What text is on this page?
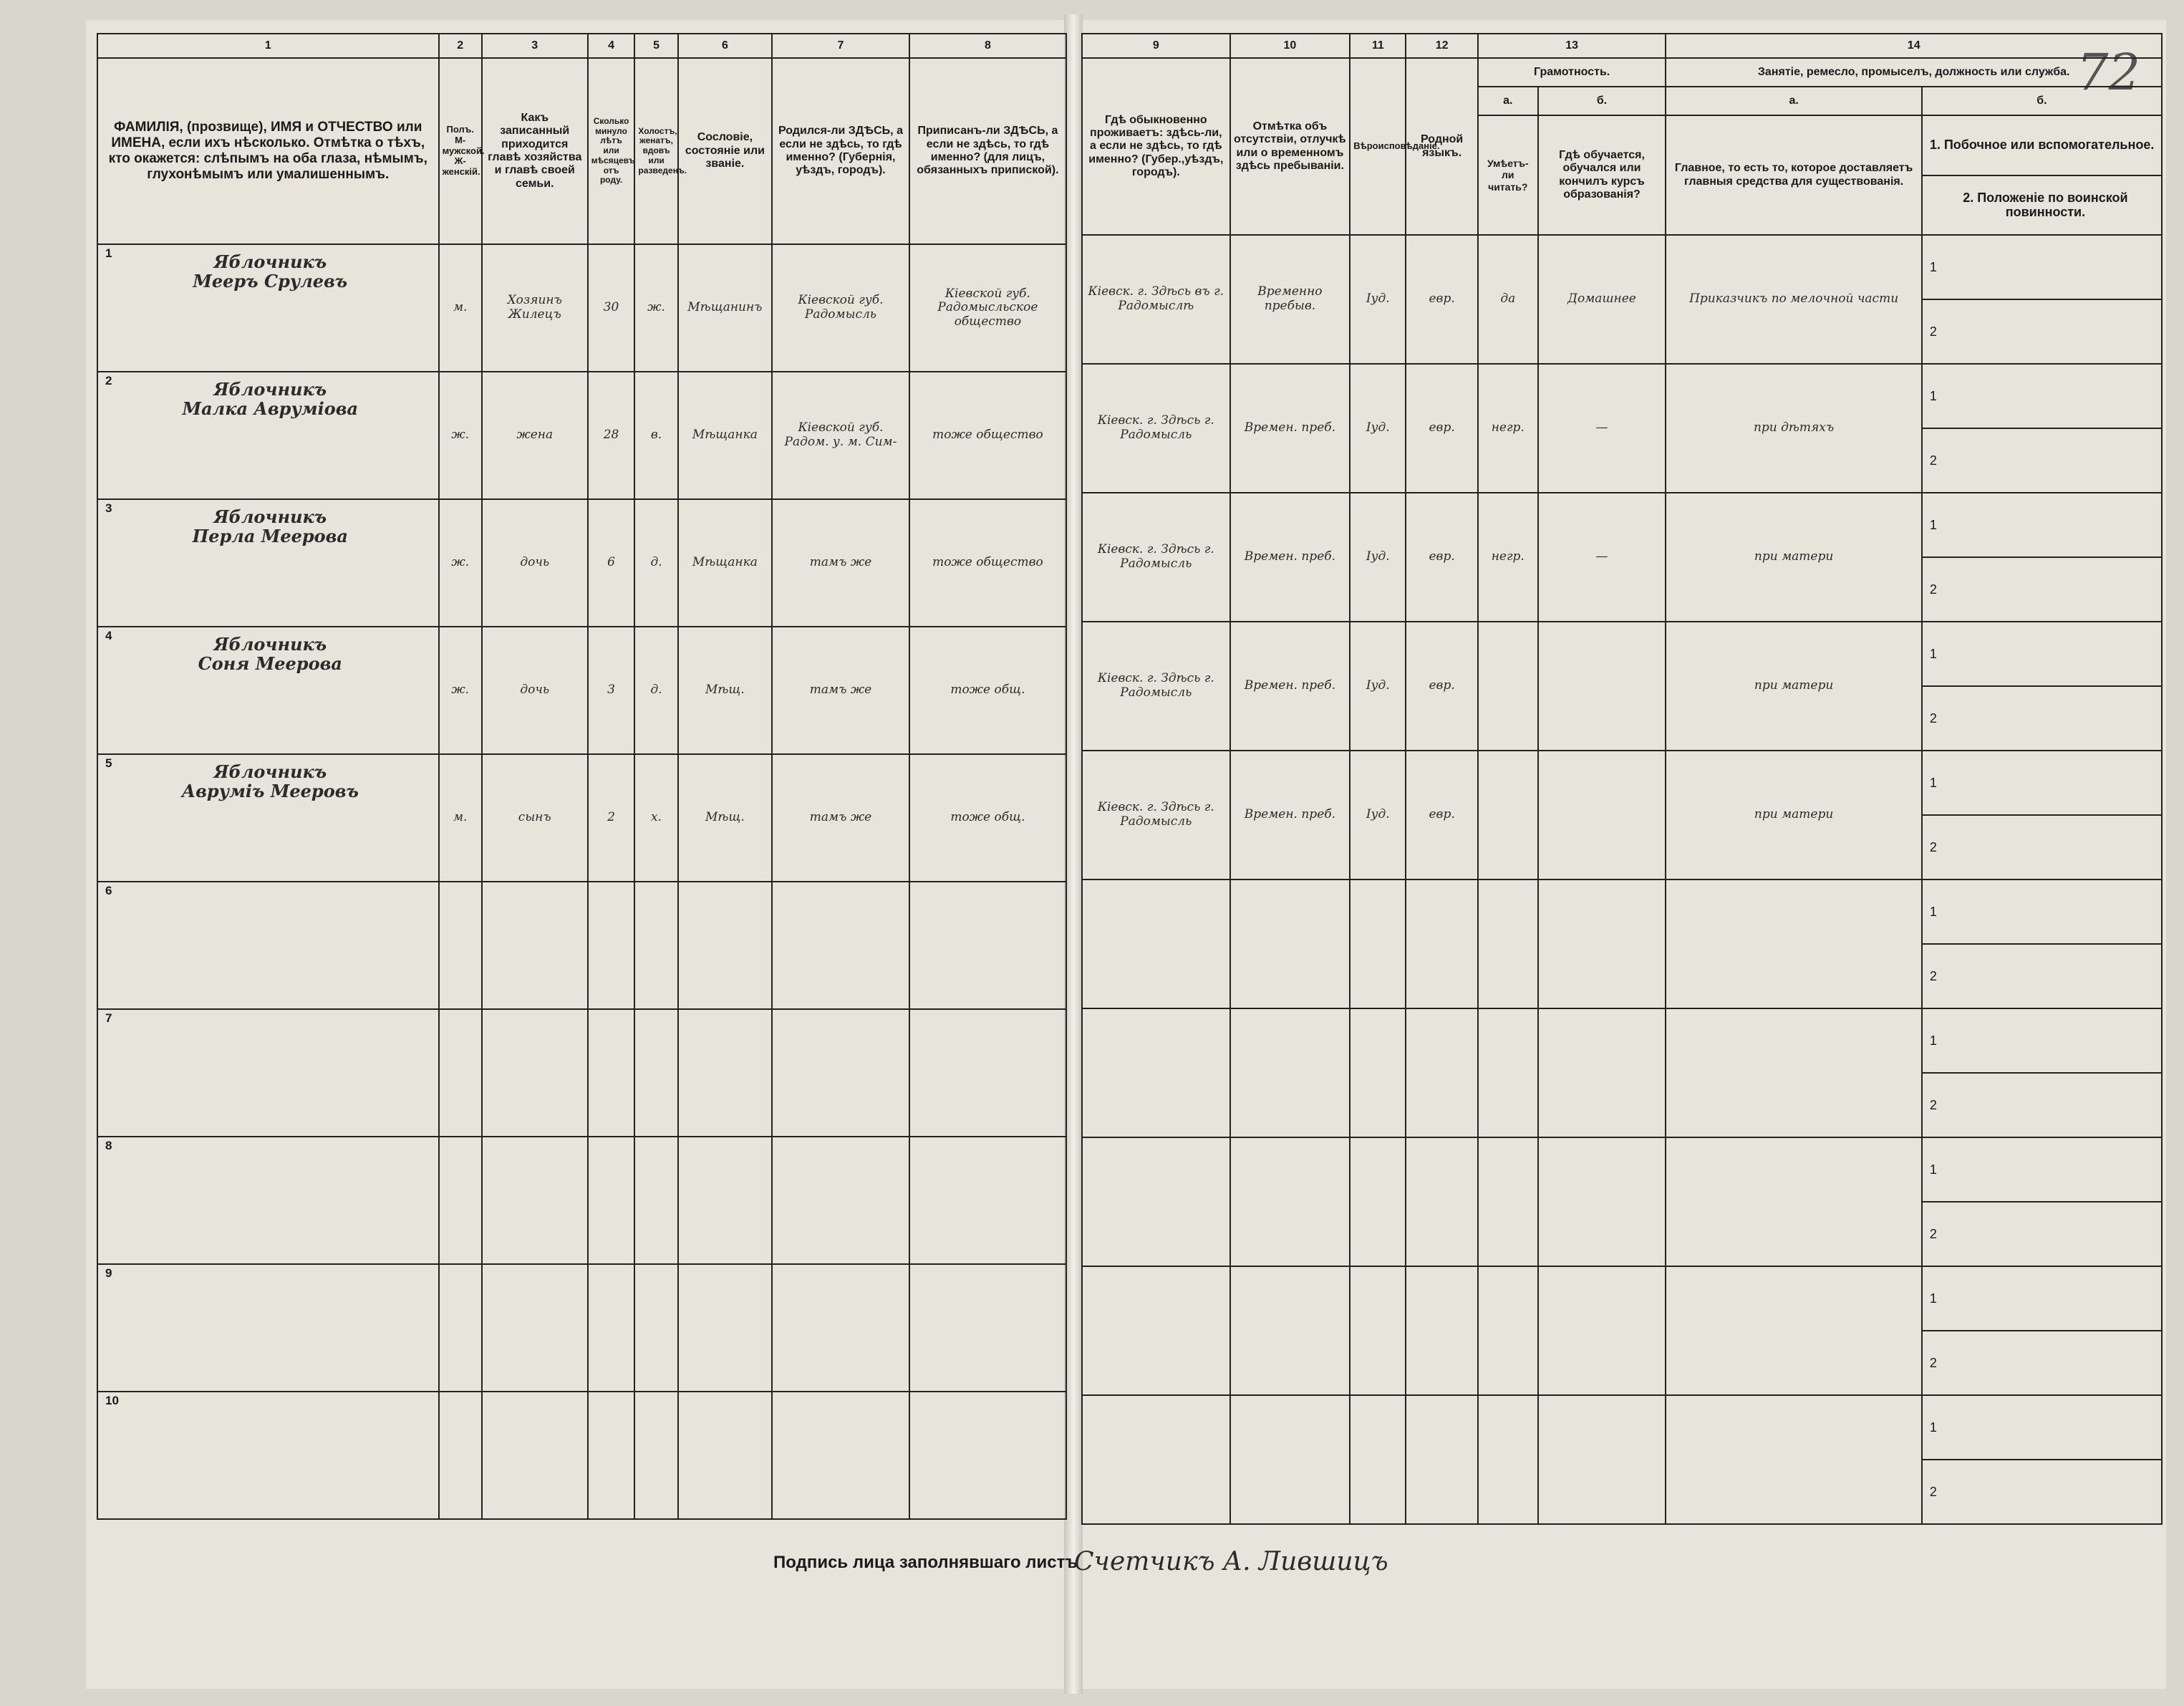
72
1	2	3	4	5	6	7	8
ФАМИЛІЯ, (прозвище), ИМЯ и ОТЧЕСТВО или ИМЕНА, если ихъ нѣсколько. Отмѣтка о тѣхъ, кто окажется: слѣпымъ на оба глаза, нѣмымъ, глухонѣмымъ или умалишеннымъ.	Полъ. М-мужской. Ж-женскій.	Какъ записанный приходится главѣ хозяйства и главѣ своей семьи.	Сколько минуло лѣтъ или мѣсяцевъ отъ роду.	Холостъ, женатъ, вдовъ или разведенъ.	Сословіе, состояніе или званіе.	Родился-ли ЗДѢСЬ, а если не здѣсь, то гдѣ именно? (Губернія, уѣздъ, городъ).	Приписанъ-ли ЗДѢСЬ, а если не здѣсь, то гдѣ именно? (для лицъ, обязанныхъ припиской).

1 Яблочникъ
Мееръ Срулевъ	м.	Хозяинъ Жилецъ	30	ж.	Мѣщанинъ	Кіевской губ. Радомысль	Кіевской губ. Радомысльское общество

2 Яблочникъ
Малка Авруміова	ж.	жена	28	в.	Мѣщанка	Кіевской губ. Радом. у. м. Сим-	тоже общество

3 Яблочникъ
Перла Меерова	ж.	дочь	6	д.	Мѣщанка	тамъ же	тоже общество

4 Яблочникъ
Соня Меерова	ж.	дочь	3	д.	Мѣщ.	тамъ же	тоже общ.

5 Яблочникъ
Авруміъ Мееровъ	м.	сынъ	2	х.	Мѣщ.	тамъ же	тоже общ.

6							

7							

8							

9							

10							

9	10	11	12	13		14	
Гдѣ обыкновенно проживаетъ: здѣсь-ли, а если не здѣсь, то гдѣ именно? (Губер.,уѣздъ, городъ).	Отмѣтка объ отсутствіи, отлучкѣ или о временномъ здѣсь пребываніи.	Вѣроисповѣданіе.	Родной языкъ.	Грамотность.		Занятіе, ремесло, промыселъ, должность или служба.	
				а.	б.	а.	б.
				Умѣетъ-ли читать?	Гдѣ обучается, обучался или кончилъ курсъ образованія?	Главное, то есть то, которое доставляетъ главныя средства для существованія.	1. Побочное или вспомогательное.
2. Положеніе по воинской повинности.

Кіевск. г. Здѣсь въ г. Радомыслѣ	Временно пребыв.	Іуд.	евр.	да	Домашнее	Приказчикъ по мелочной части	1
2

Кіевск. г. Здѣсь г. Радомысль	Времен. преб.	Іуд.	евр.	негр.	—	при дѣтяхъ	1
2

Кіевск. г. Здѣсь г. Радомысль	Времен. преб.	Іуд.	евр.	негр.	—	при матери	1
2

Кіевск. г. Здѣсь г. Радомысль	Времен. преб.	Іуд.	евр.			при матери	1
2

Кіевск. г. Здѣсь г. Радомысль	Времен. преб.	Іуд.	евр.			при матери	1
2

1
2

1
2

1
2

1
2

1
2
Подпись лица заполнявшаго листъ
Счетчикъ А. Лившицъ
